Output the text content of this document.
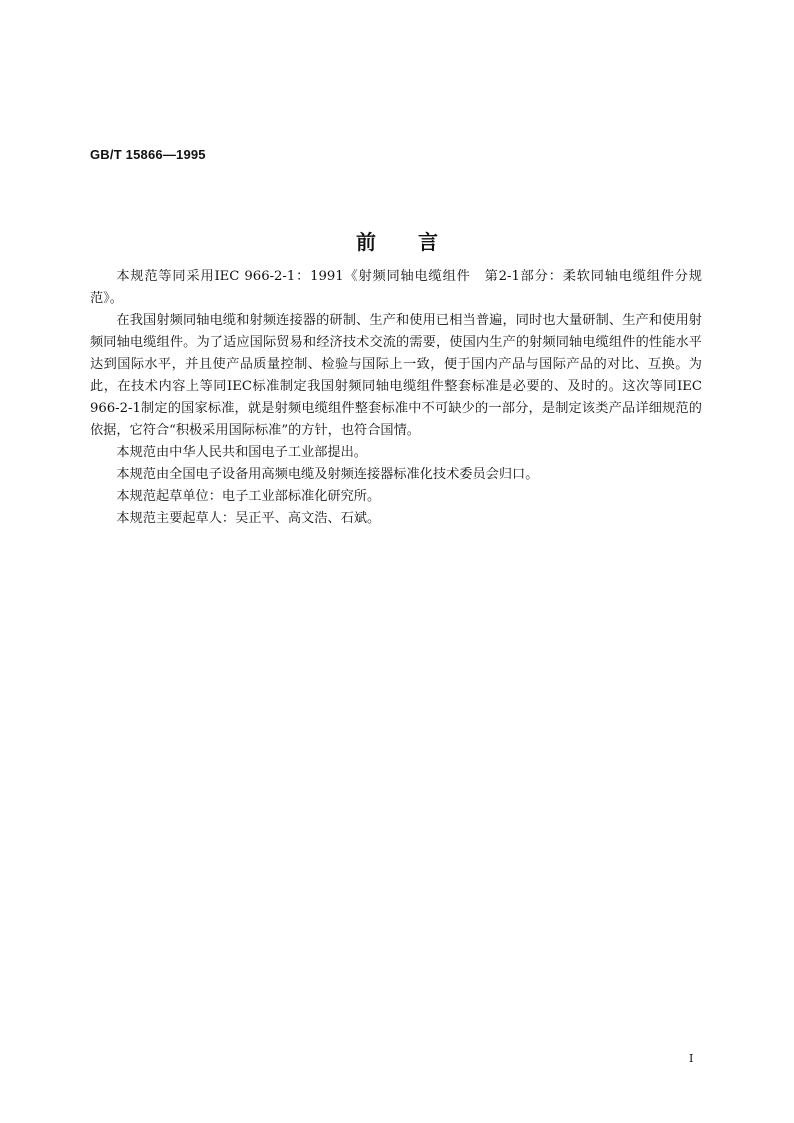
GB/T 15866—1995
前言

本规范等同采用IEC 966-2-1：1991《射频同轴电缆组件　第2-1部分：柔软同轴电缆组件分规范》。

在我国射频同轴电缆和射频连接器的研制、生产和使用已相当普遍，同时也大量研制、生产和使用射频同轴电缆组件。为了适应国际贸易和经济技术交流的需要，使国内生产的射频同轴电缆组件的性能水平达到国际水平，并且使产品质量控制、检验与国际上一致，便于国内产品与国际产品的对比、互换。为此，在技术内容上等同IEC标准制定我国射频同轴电缆组件整套标准是必要的、及时的。这次等同IEC 966-2-1制定的国家标准，就是射频电缆组件整套标准中不可缺少的一部分，是制定该类产品详细规范的依据，它符合“积极采用国际标准”的方针，也符合国情。

本规范由中华人民共和国电子工业部提出。

本规范由全国电子设备用高频电缆及射频连接器标准化技术委员会归口。

本规范起草单位：电子工业部标准化研究所。

本规范主要起草人：吴正平、高文浩、石斌。

I
